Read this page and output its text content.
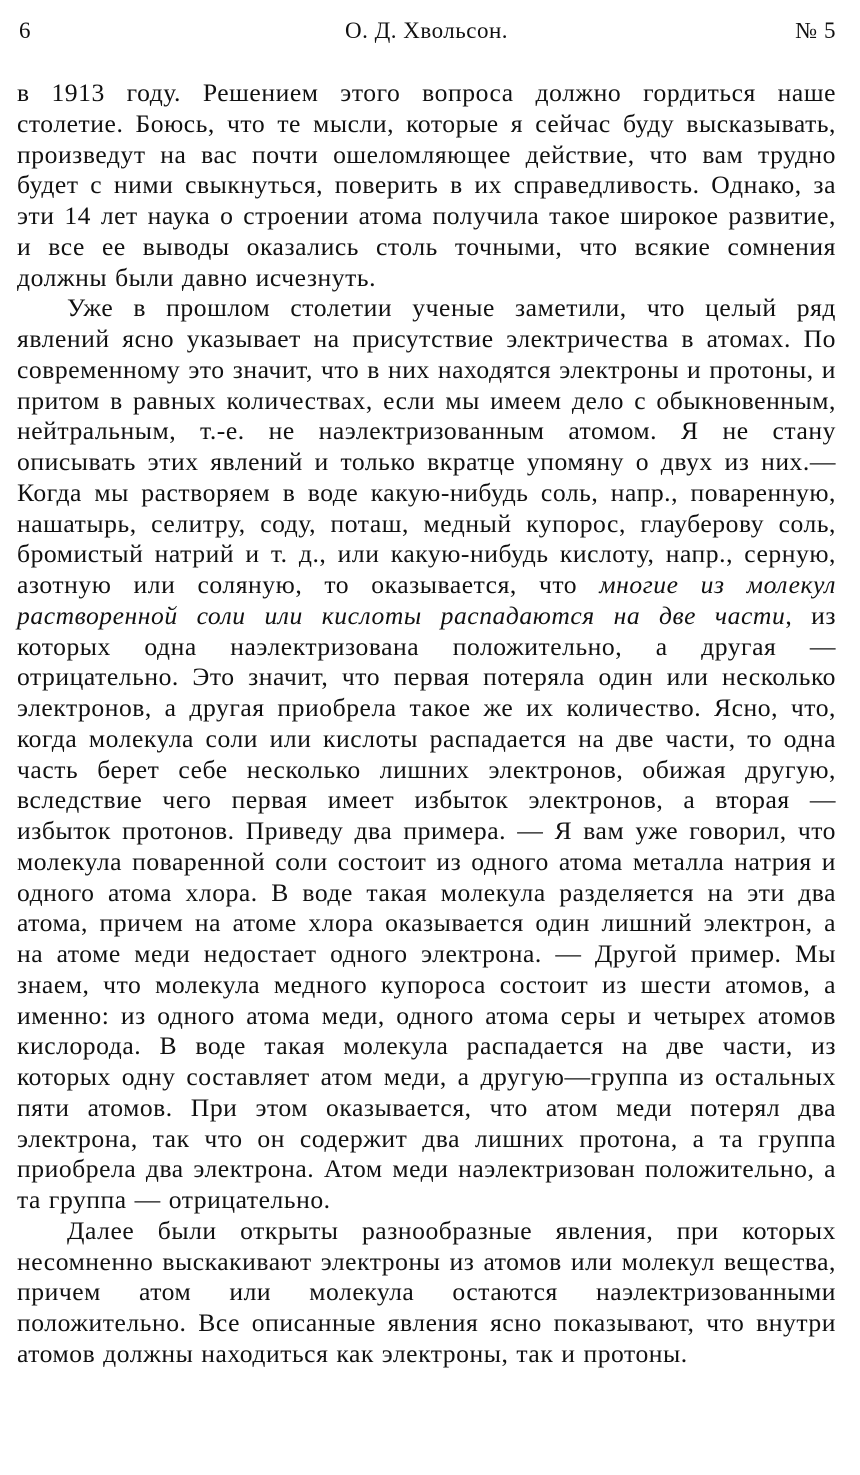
6	О. Д. Хвольсон.	№ 5

в 1913 году. Решением этого вопроса должно гордиться наше столетие. Боюсь, что те мысли, которые я сейчас буду высказывать, произведут на вас почти ошеломляющее действие, что вам трудно будет с ними свыкнуться, поверить в их справедливость. Однако, за эти 14 лет наука о строении атома получила такое широкое развитие, и все ее выводы оказались столь точными, что всякие сомнения должны были давно исчезнуть.

Уже в прошлом столетии ученые заметили, что целый ряд явлений ясно указывает на присутствие электричества в атомах. По современному это значит, что в них находятся электроны и протоны, и притом в равных количествах, если мы имеем дело с обыкновенным, нейтральным, т.-е. не наэлектризованным атомом. Я не стану описывать этих явлений и только вкратце упомяну о двух из них.—Когда мы растворяем в воде какую-нибудь соль, напр., поваренную, нашатырь, селитру, соду, поташ, медный купорос, глауберову соль, бромистый натрий и т. д., или какую-нибудь кислоту, напр., серную, азотную или соляную, то оказывается, что многие из молекул растворенной соли или кислоты распадаются на две части, из которых одна наэлектризована положительно, а другая — отрицательно. Это значит, что первая потеряла один или несколько электронов, а другая приобрела такое же их количество. Ясно, что, когда молекула соли или кислоты распадается на две части, то одна часть берет себе несколько лишних электронов, обижая другую, вследствие чего первая имеет избыток электронов, а вторая — избыток протонов. Приведу два примера. — Я вам уже говорил, что молекула поваренной соли состоит из одного атома металла натрия и одного атома хлора. В воде такая молекула разделяется на эти два атома, причем на атоме хлора оказывается один лишний электрон, а на атоме меди недостает одного электрона. — Другой пример. Мы знаем, что молекула медного купороса состоит из шести атомов, а именно: из одного атома меди, одного атома серы и четырех атомов кислорода. В воде такая молекула распадается на две части, из которых одну составляет атом меди, а другую—группа из остальных пяти атомов. При этом оказывается, что атом меди потерял два электрона, так что он содержит два лишних протона, а та группа приобрела два электрона. Атом меди наэлектризован положительно, а та группа — отрицательно.

Далее были открыты разнообразные явления, при которых несомненно выскакивают электроны из атомов или молекул вещества, причем атом или молекула остаются наэлектризованными положительно. Все описанные явления ясно показывают, что внутри атомов должны находиться как электроны, так и протоны.
